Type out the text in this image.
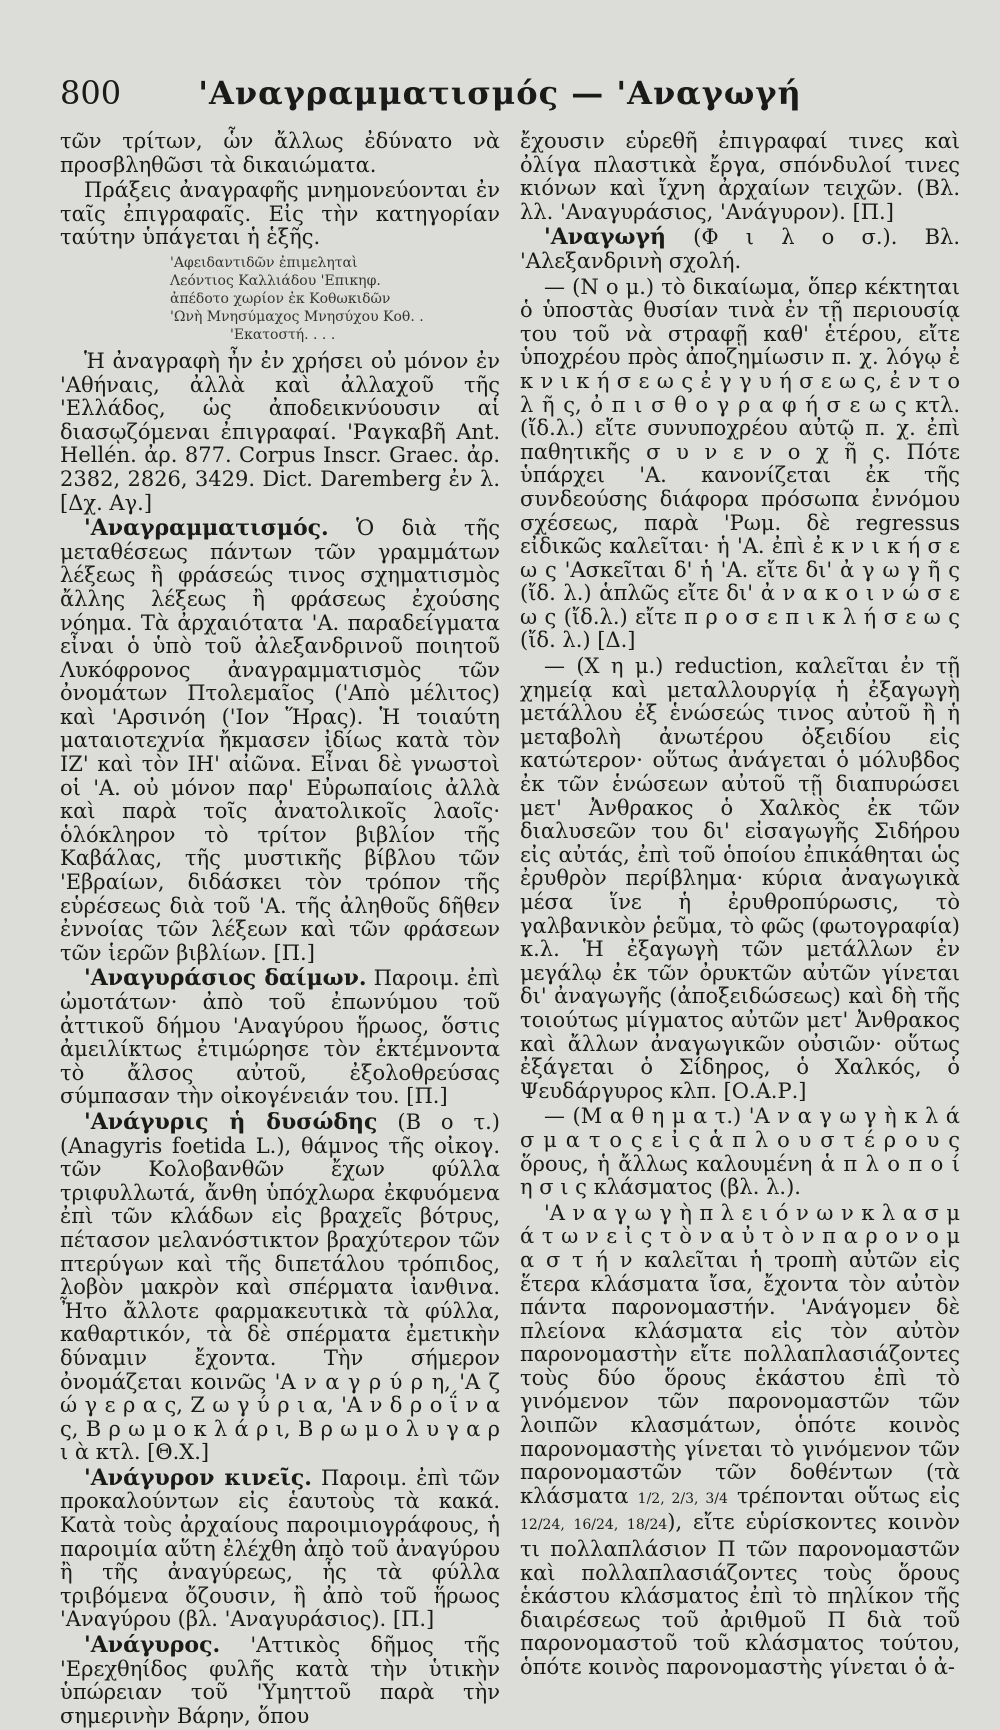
800	'Αναγραμματισμός — 'Αναγωγή

τῶν τρίτων, ὧν ἄλλως ἐδύνατο νὰ προσβληθῶσι τὰ δικαιώματα.

Πράξεις ἀναγραφῆς μνημονεύονται ἐν ταῖς ἐπιγραφαῖς. Εἰς τὴν κατηγορίαν ταύτην ὑπάγεται ἡ ἑξῆς.

'Αφειδαντιδῶν ἐπιμεληταὶ
Λεόντιος Καλλιάδου 'Επικηφ.
ἀπέδοτο χωρίον ἐκ Κοθωκιδῶν
'Ωνὴ Μνησύμαχος Μνησύχου Κοθ. .
'Εκατοστή. . . .

Ἡ ἀναγραφὴ ἦν ἐν χρήσει οὐ μόνον ἐν 'Αθήναις, ἀλλὰ καὶ ἀλλαχοῦ τῆς 'Ελλάδος, ὡς ἀποδεικνύουσιν αἱ διασῳζόμεναι ἐπιγραφαί. 'Ραγκαβῆ Ant. Hellén. ἀρ. 877. Corpus Inscr. Graec. ἀρ. 2382, 2826, 3429. Dict. Daremberg ἐν λ. [Δχ. Αγ.]

'Αναγραμματισμός. Ὁ διὰ τῆς μεταθέσεως πάντων τῶν γραμμάτων λέξεως ἢ φράσεώς τινος σχηματισμὸς ἄλλης λέξεως ἢ φράσεως ἐχούσης νόημα. Τὰ ἀρχαιότατα 'Α. παραδείγματα εἶναι ὁ ὑπὸ τοῦ ἀλεξανδρινοῦ ποιητοῦ Λυκόφρονος ἀναγραμματισμὸς τῶν ὀνομάτων Πτολεμαῖος ('Απὸ μέλιτος) καὶ 'Αρσινόη ('Ιον Ἥρας). Ἡ τοιαύτη ματαιοτεχνία ἤκμασεν ἰδίως κατὰ τὸν ΙΖ' καὶ τὸν ΙΗ' αἰῶνα. Εἶναι δὲ γνωστοὶ οἱ 'Α. οὐ μόνον παρ' Εὐρωπαίοις ἀλλὰ καὶ παρὰ τοῖς ἀνατολικοῖς λαοῖς· ὁλόκληρον τὸ τρίτον βιβλίον τῆς Καβάλας, τῆς μυστικῆς βίβλου τῶν 'Εβραίων, διδάσκει τὸν τρόπον τῆς εὑρέσεως διὰ τοῦ 'Α. τῆς ἀληθοῦς δῆθεν ἐννοίας τῶν λέξεων καὶ τῶν φράσεων τῶν ἱερῶν βιβλίων. [Π.]

'Αναγυράσιος δαίμων. Παροιμ. ἐπὶ ὠμοτάτων· ἀπὸ τοῦ ἐπωνύμου τοῦ ἀττικοῦ δήμου 'Αναγύρου ἥρωος, ὅστις ἀμειλίκτως ἐτιμώρησε τὸν ἐκτέμνοντα τὸ ἄλσος αὐτοῦ, ἐξολοθρεύσας σύμπασαν τὴν οἰκογένειάν του. [Π.]

'Ανάγυρις ἡ δυσώδης (Β ο τ.) (Anagyris foetida L.), θάμνος τῆς οἰκογ. τῶν Κολοβανθῶν ἔχων φύλλα τριφυλλωτά, ἄνθη ὑπόχλωρα ἐκφυόμενα ἐπὶ τῶν κλάδων εἰς βραχεῖς βότρυς, πέτασον μελανόστικτον βραχύτερον τῶν πτερύγων καὶ τῆς διπετάλου τρόπιδος, λοβὸν μακρὸν καὶ σπέρματα ἰανθινα. Ἦτο ἄλλοτε φαρμακευτικὰ τὰ φύλλα, καθαρτικόν, τὰ δὲ σπέρματα ἐμετικὴν δύναμιν ἔχοντα. Τὴν σήμερον ὀνομάζεται κοινῶς 'Α ν α γ ρ ύ ρ η, 'Α ζ ώ γ ε ρ α ς, Ζ ω γ ύ ρ ι α, 'Α ν δ ρ ο ΐ ν α ς, Β ρ ω μ ο κ λ ά ρ ι, Β ρ ω μ ο λ υ γ α ρ ι ὰ κτλ. [Θ.Χ.]

'Ανάγυρον κινεῖς. Παροιμ. ἐπὶ τῶν προκαλούντων εἰς ἑαυτοὺς τὰ κακά. Κατὰ τοὺς ἀρχαίους παροιμιογράφους, ἡ παροιμία αὕτη ἐλέχθη ἀπὸ τοῦ ἀναγύρου ἢ τῆς ἀναγύρεως, ἧς τὰ φύλλα τριβόμενα ὄζουσιν, ἢ ἀπὸ τοῦ ἥρωος 'Αναγύρου (βλ. 'Αναγυράσιος). [Π.]

'Ανάγυρος. 'Αττικὸς δῆμος τῆς 'Ερεχθηίδος φυλῆς κατὰ τὴν ὑτικὴν ὑπώρειαν τοῦ 'Υμηττοῦ παρὰ τὴν σημερινὴν Βάρην, ὅπου

ἔχουσιν εὑρεθῆ ἐπιγραφαί τινες καὶ ὀλίγα πλαστικὰ ἔργα, σπόνδυλοί τινες κιόνων καὶ ἴχνη ἀρχαίων τειχῶν. (Βλ. λλ. 'Αναγυράσιος, 'Ανάγυρον). [Π.]

'Αναγωγή (Φ ι λ ο σ.). Βλ. 'Αλεξανδρινὴ σχολή.

— (Ν ο μ.) τὸ δικαίωμα, ὅπερ κέκτηται ὁ ὑποστὰς θυσίαν τινὰ ἐν τῇ περιουσίᾳ του τοῦ νὰ στραφῇ καθ' ἑτέρου, εἴτε ὑποχρέου πρὸς ἀποζημίωσιν π. χ. λόγῳ ἐ κ ν ι κ ή σ ε ω ς ἐ γ γ υ ή σ ε ω ς, ἐ ν τ ο λ ῆ ς, ὀ π ι σ θ ο γ ρ α φ ή σ ε ω ς κτλ. (ἴδ.λ.) εἴτε συνυποχρέου αὐτῷ π. χ. ἐπὶ παθητικῆς σ υ ν ε ν ο χ ῆ ς. Πότε ὑπάρχει 'Α. κανονίζεται ἐκ τῆς συνδεούσης διάφορα πρόσωπα ἐννόμου σχέσεως, παρὰ 'Ρωμ. δὲ regressus εἰδικῶς καλεῖται· ἡ 'Α. ἐπὶ ἐ κ ν ι κ ή σ ε ω ς 'Ασκεῖται δ' ἡ 'Α. εἴτε δι' ἀ γ ω γ ῆ ς (ἴδ. λ.) ἁπλῶς εἴτε δι' ἀ ν α κ ο ι ν ώ σ ε ω ς (ἴδ.λ.) εἴτε π ρ ο σ ε π ι κ λ ή σ ε ω ς (ἴδ. λ.) [Δ.]

— (Χ η μ.) reduction, καλεῖται ἐν τῇ χημείᾳ καὶ μεταλλουργίᾳ ἡ ἐξαγωγὴ μετάλλου ἐξ ἑνώσεώς τινος αὐτοῦ ἢ ἡ μεταβολὴ ἀνωτέρου ὀξειδίου εἰς κατώτερον· οὕτως ἀνάγεται ὁ μόλυβδος ἐκ τῶν ἑνώσεων αὐτοῦ τῇ διαπυρώσει μετ' Ἀνθρακος ὁ Χαλκὸς ἐκ τῶν διαλυσεῶν του δι' εἰσαγωγῆς Σιδήρου εἰς αὐτάς, ἐπὶ τοῦ ὁποίου ἐπικάθηται ὡς ἐρυθρὸν περίβλημα· κύρια ἀναγωγικὰ μέσα ἵνε ἡ ἐρυθροπύρωσις, τὸ γαλβανικὸν ῥεῦμα, τὸ φῶς (φωτογραφία) κ.λ. Ἡ ἐξαγωγὴ τῶν μετάλλων ἐν μεγάλῳ ἐκ τῶν ὀρυκτῶν αὐτῶν γίνεται δι' ἀναγωγῆς (ἀποξειδώσεως) καὶ δὴ τῆς τοιούτως μίγματος αὐτῶν μετ' Ἀνθρακος καὶ ἄλλων ἀναγωγικῶν οὐσιῶν· οὕτως ἐξάγεται ὁ Σίδηρος, ὁ Χαλκός, ὁ Ψευδάργυρος κλπ. [Ο.Α.Ρ.]

— (Μ α θ η μ α τ.) 'Α ν α γ ω γ ὴ κ λ ά σ μ α τ ο ς ε ἰ ς ἁ π λ ο υ σ τ έ ρ ο υ ς ὅρους, ἡ ἄλλως καλουμένη ἁ π λ ο π ο ί η σ ι ς κλάσματος (βλ. λ.).

'Α ν α γ ω γ ὴ π λ ε ι ό ν ω ν κ λ α σ μ ά τ ω ν ε ἰ ς τ ὸ ν α ὐ τ ὸ ν π α ρ ο ν ο μ α σ τ ή ν καλεῖται ἡ τροπὴ αὐτῶν εἰς ἕτερα κλάσματα ἴσα, ἔχοντα τὸν αὐτὸν πάντα παρονομαστήν. 'Ανάγομεν δὲ πλείονα κλάσματα εἰς τὸν αὐτὸν παρονομαστὴν εἴτε πολλαπλασιάζοντες τοὺς δύο ὅρους ἑκάστου ἐπὶ τὸ γινόμενον τῶν παρονομαστῶν τῶν λοιπῶν κλασμάτων, ὁπότε κοινὸς παρονομαστὴς γίνεται τὸ γινόμενον τῶν παρονομαστῶν τῶν δοθέντων (τὰ κλάσματα 1/2, 2/3, 3/4 τρέπονται οὕτως εἰς 12/24, 16/24, 18/24), εἴτε εὑρίσκοντες κοινὸν τι πολλαπλάσιον Π τῶν παρονομαστῶν καὶ πολλαπλασιάζοντες τοὺς ὅρους ἑκάστου κλάσματος ἐπὶ τὸ πηλίκον τῆς διαιρέσεως τοῦ ἀριθμοῦ Π διὰ τοῦ παρονομαστοῦ τοῦ κλάσματος τούτου, ὁπότε κοινὸς παρονομαστὴς γίνεται ὁ ἀ-
